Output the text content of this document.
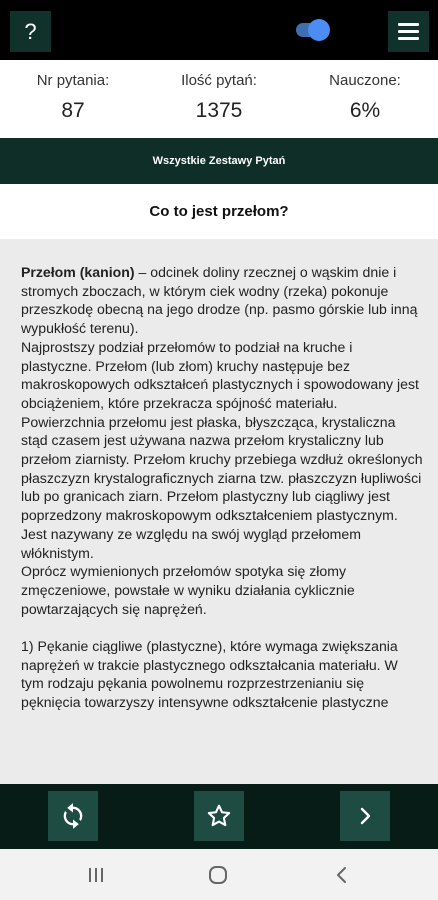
?
Nr pytania:
87
Ilość pytań:
1375
Nauczone:
6%
Wszystkie Zestawy Pytań
Co to jest przełom?

Przełom (kanion) – odcinek doliny rzecznej o wąskim dnie i stromych zboczach, w którym ciek wodny (rzeka) pokonuje przeszkodę obecną na jego drodze (np. pasmo górskie lub inną wypukłość terenu).
Najprostszy podział przełomów to podział na kruche i plastyczne. Przełom (lub złom) kruchy następuje bez makroskopowych odkształceń plastycznych i spowodowany jest obciążeniem, które przekracza spójność materiału. Powierzchnia przełomu jest płaska, błyszcząca, krystaliczna stąd czasem jest używana nazwa przełom krystaliczny lub przełom ziarnisty. Przełom kruchy przebiega wzdłuż określonych płaszczyzn krystalograficznych ziarna tzw. płaszczyzn łupliwości lub po granicach ziarn. Przełom plastyczny lub ciągliwy jest poprzedzony makroskopowym odkształceniem plastycznym. Jest nazywany ze względu na swój wygląd przełomem włóknistym.
Oprócz wymienionych przełomów spotyka się złomy zmęczeniowe, powstałe w wyniku działania cyklicznie powtarzających się naprężeń.

1) Pękanie ciągliwe (plastyczne), które wymaga zwiększania naprężeń w trakcie plastycznego odkształcania materiału. W tym rodzaju pękania powolnemu rozprzestrzenianiu się pęknięcia towarzyszy intensywne odkształcenie plastyczne
